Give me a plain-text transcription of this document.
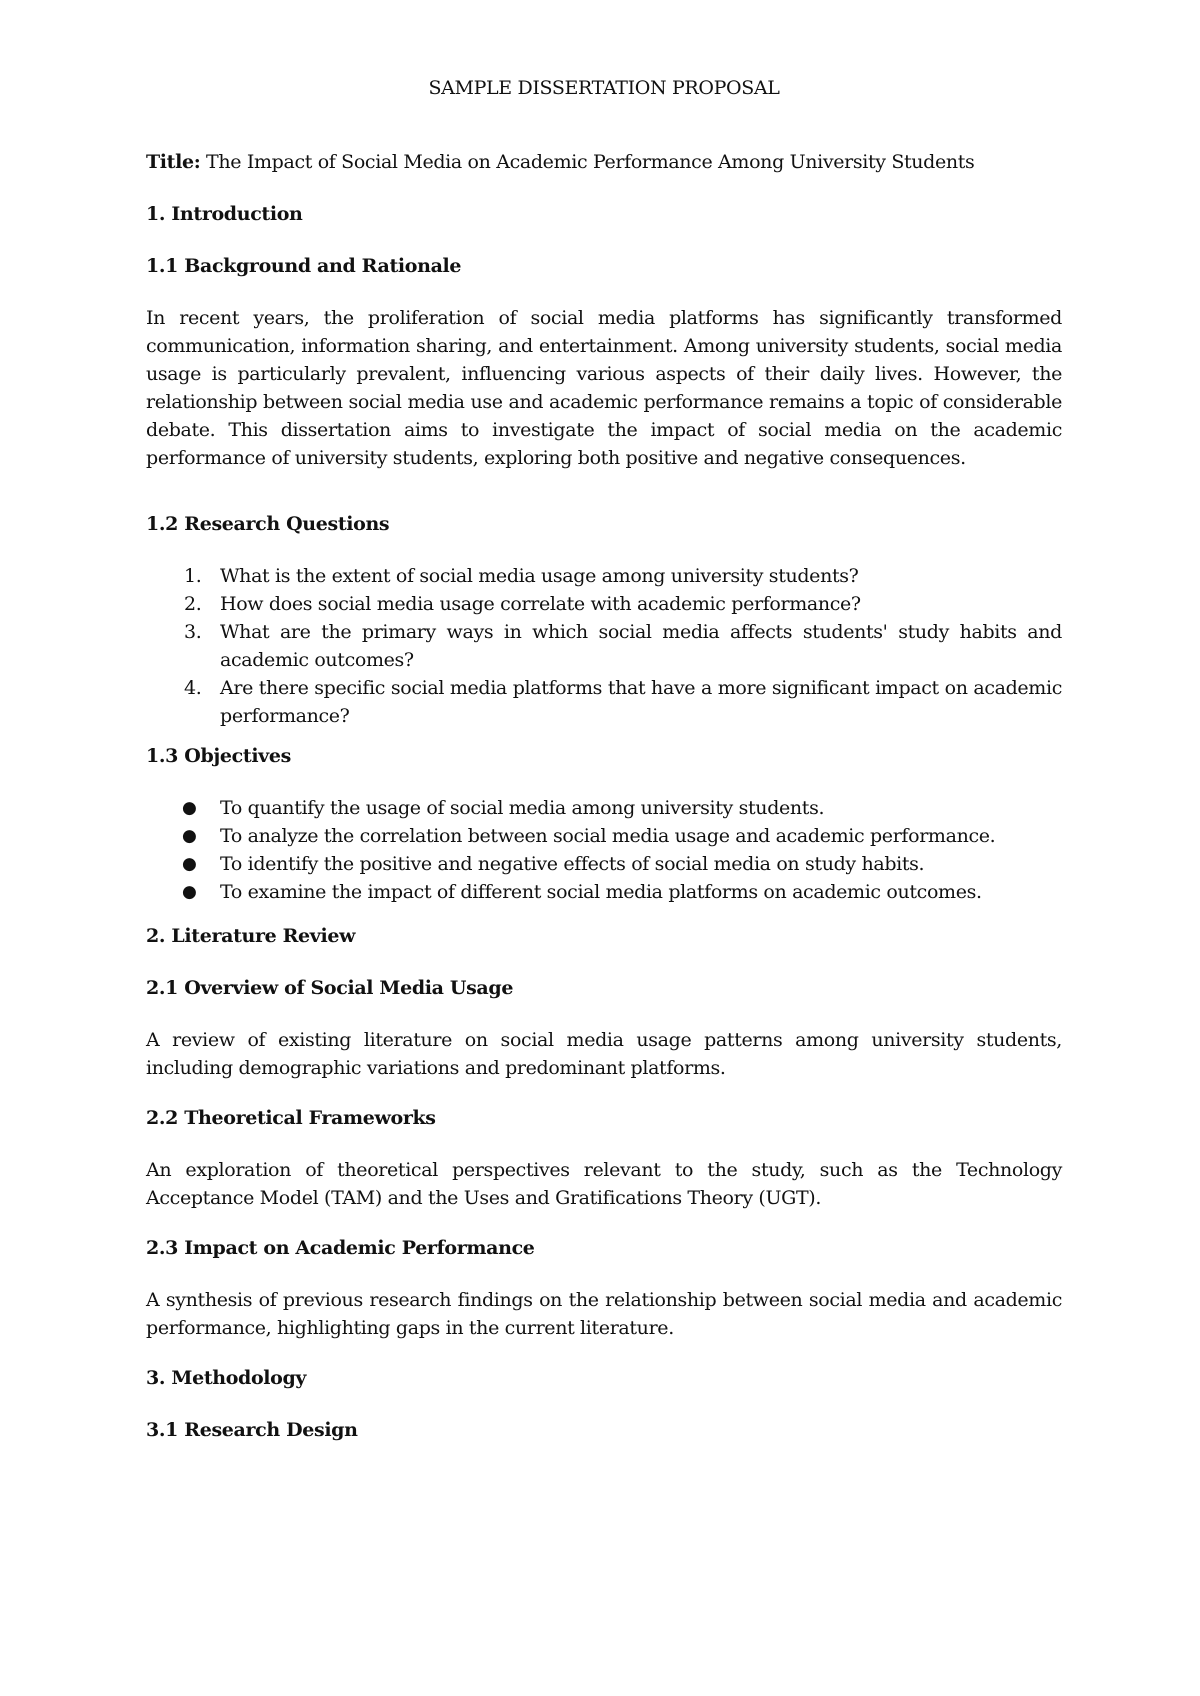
SAMPLE DISSERTATION PROPOSAL

Title: The Impact of Social Media on Academic Performance Among University Students

1. Introduction
1.1 Background and Rationale

In recent years, the proliferation of social media platforms has significantly transformed communication, information sharing, and entertainment. Among university students, social media usage is particularly prevalent, influencing various aspects of their daily lives. However, the relationship between social media use and academic performance remains a topic of considerable debate. This dissertation aims to investigate the impact of social media on the academic performance of university students, exploring both positive and negative consequences.

1.2 Research Questions
1. What is the extent of social media usage among university students?
2. How does social media usage correlate with academic performance?
3. What are the primary ways in which social media affects students' study habits and academic outcomes?
4. Are there specific social media platforms that have a more significant impact on academic performance?
1.3 Objectives
● To quantify the usage of social media among university students.
● To analyze the correlation between social media usage and academic performance.
● To identify the positive and negative effects of social media on study habits.
● To examine the impact of different social media platforms on academic outcomes.
2. Literature Review
2.1 Overview of Social Media Usage

A review of existing literature on social media usage patterns among university students, including demographic variations and predominant platforms.

2.2 Theoretical Frameworks

An exploration of theoretical perspectives relevant to the study, such as the Technology Acceptance Model (TAM) and the Uses and Gratifications Theory (UGT).

2.3 Impact on Academic Performance

A synthesis of previous research findings on the relationship between social media and academic performance, highlighting gaps in the current literature.

3. Methodology
3.1 Research Design
